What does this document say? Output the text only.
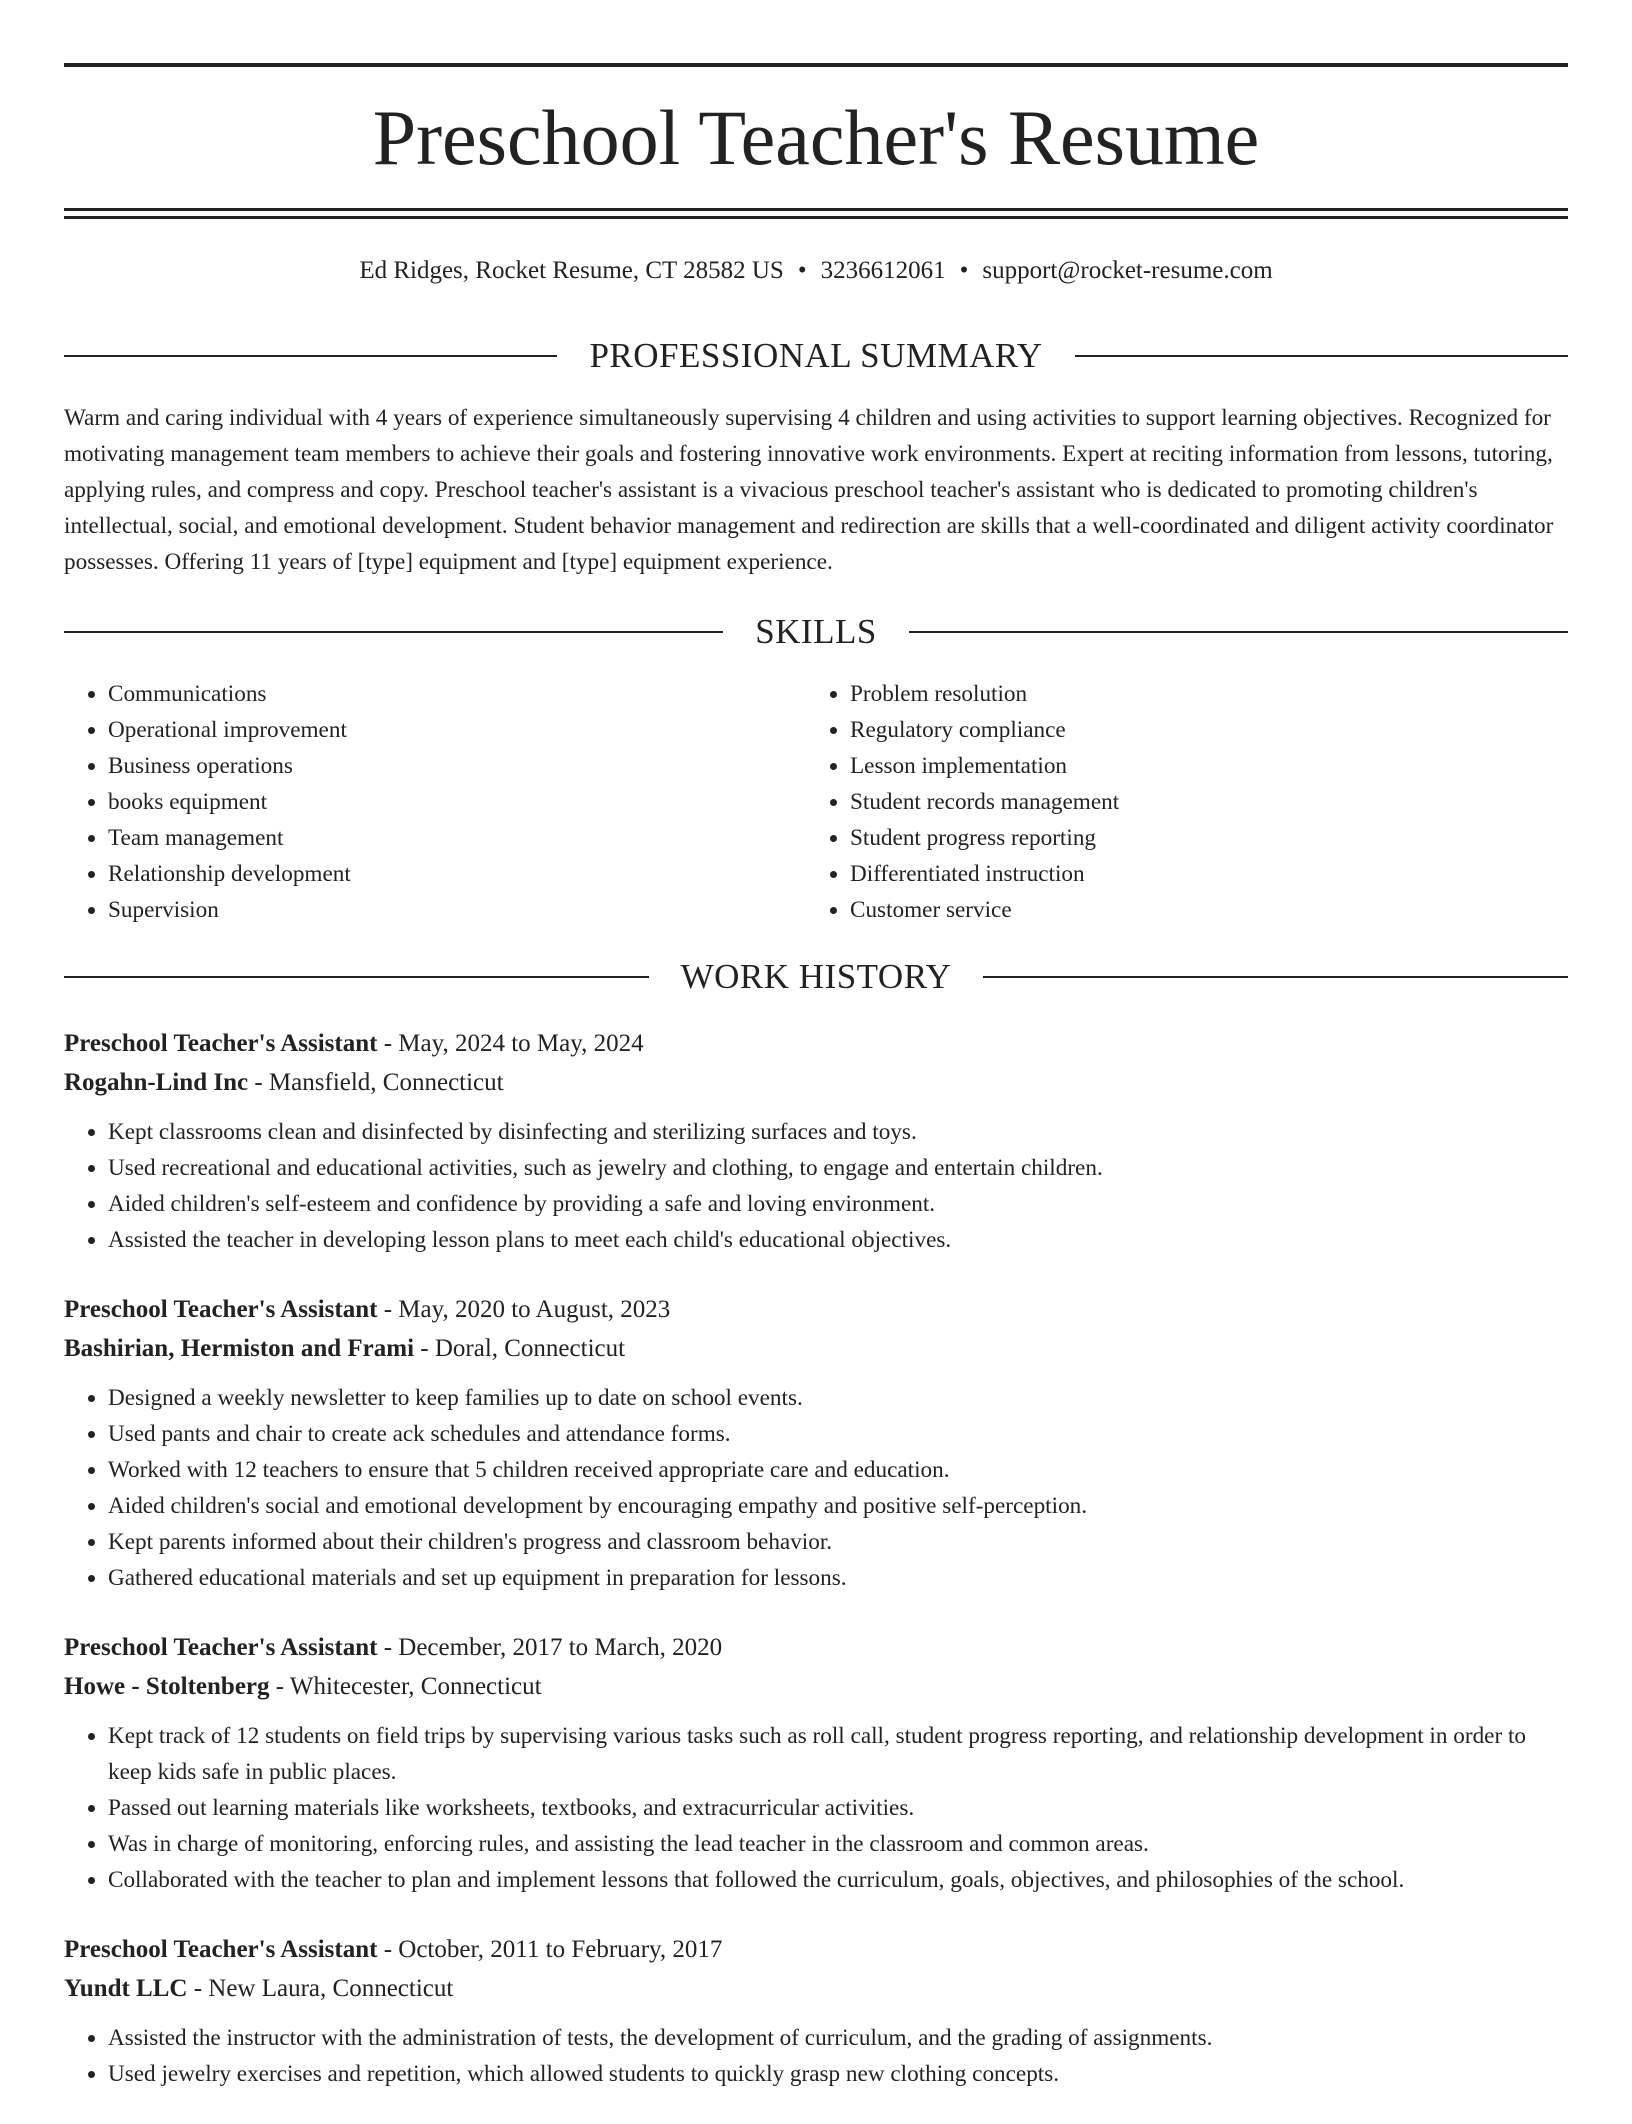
Preschool Teacher's Resume
Ed Ridges, Rocket Resume, CT 28582 US • 3236612061 • support@rocket-resume.com
PROFESSIONAL SUMMARY

Warm and caring individual with 4 years of experience simultaneously supervising 4 children and using activities to support learning objectives. Recognized for motivating management team members to achieve their goals and fostering innovative work environments. Expert at reciting information from lessons, tutoring, applying rules, and compress and copy. Preschool teacher's assistant is a vivacious preschool teacher's assistant who is dedicated to promoting children's intellectual, social, and emotional development. Student behavior management and redirection are skills that a well-coordinated and diligent activity coordinator possesses. Offering 11 years of [type] equipment and [type] equipment experience.

SKILLS
• Communications
• Operational improvement
• Business operations
• books equipment
• Team management
• Relationship development
• Supervision
• Problem resolution
• Regulatory compliance
• Lesson implementation
• Student records management
• Student progress reporting
• Differentiated instruction
• Customer service
WORK HISTORY
Preschool Teacher's Assistant - May, 2024 to May, 2024
Rogahn-Lind Inc - Mansfield, Connecticut
• Kept classrooms clean and disinfected by disinfecting and sterilizing surfaces and toys.
• Used recreational and educational activities, such as jewelry and clothing, to engage and entertain children.
• Aided children's self-esteem and confidence by providing a safe and loving environment.
• Assisted the teacher in developing lesson plans to meet each child's educational objectives.
Preschool Teacher's Assistant - May, 2020 to August, 2023
Bashirian, Hermiston and Frami - Doral, Connecticut
• Designed a weekly newsletter to keep families up to date on school events.
• Used pants and chair to create ack schedules and attendance forms.
• Worked with 12 teachers to ensure that 5 children received appropriate care and education.
• Aided children's social and emotional development by encouraging empathy and positive self-perception.
• Kept parents informed about their children's progress and classroom behavior.
• Gathered educational materials and set up equipment in preparation for lessons.
Preschool Teacher's Assistant - December, 2017 to March, 2020
Howe - Stoltenberg - Whitecester, Connecticut
• Kept track of 12 students on field trips by supervising various tasks such as roll call, student progress reporting, and relationship development in order to keep kids safe in public places.
• Passed out learning materials like worksheets, textbooks, and extracurricular activities.
• Was in charge of monitoring, enforcing rules, and assisting the lead teacher in the classroom and common areas.
• Collaborated with the teacher to plan and implement lessons that followed the curriculum, goals, objectives, and philosophies of the school.
Preschool Teacher's Assistant - October, 2011 to February, 2017
Yundt LLC - New Laura, Connecticut
• Assisted the instructor with the administration of tests, the development of curriculum, and the grading of assignments.
• Used jewelry exercises and repetition, which allowed students to quickly grasp new clothing concepts.
